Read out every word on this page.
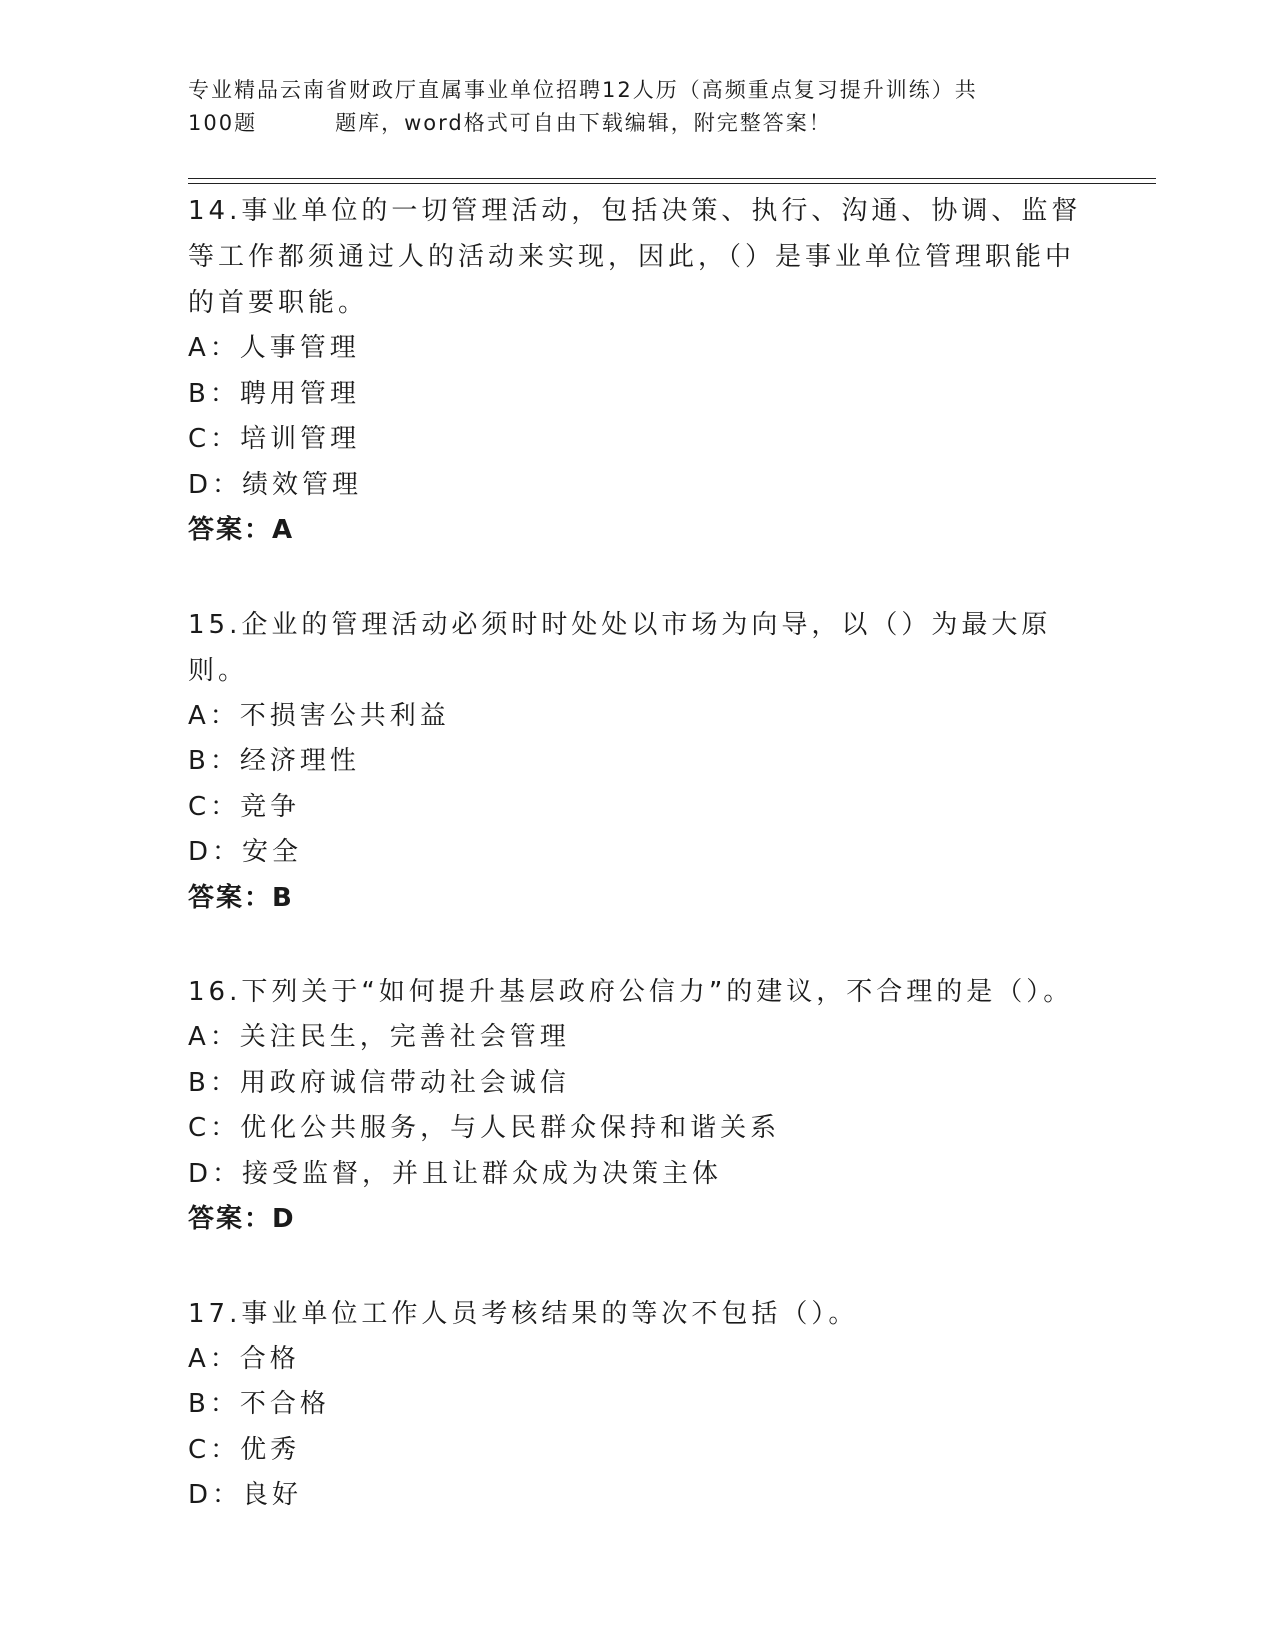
专业精品云南省财政厅直属事业单位招聘12人历（高频重点复习提升训练）共
100题	题库，word格式可自由下载编辑，附完整答案！
14.事业单位的一切管理活动，包括决策、执行、沟通、协调、监督等工作都须通过人的活动来实现，因此，（）是事业单位管理职能中的首要职能。
A：人事管理
B：聘用管理
C：培训管理
D：绩效管理
答案：A
15.企业的管理活动必须时时处处以市场为向导，以（）为最大原则。
A：不损害公共利益
B：经济理性
C：竞争
D：安全
答案：B
16.下列关于“如何提升基层政府公信力”的建议，不合理的是（）。
A：关注民生，完善社会管理
B：用政府诚信带动社会诚信
C：优化公共服务，与人民群众保持和谐关系
D：接受监督，并且让群众成为决策主体
答案：D
17.事业单位工作人员考核结果的等次不包括（）。
A：合格
B：不合格
C：优秀
D：良好
